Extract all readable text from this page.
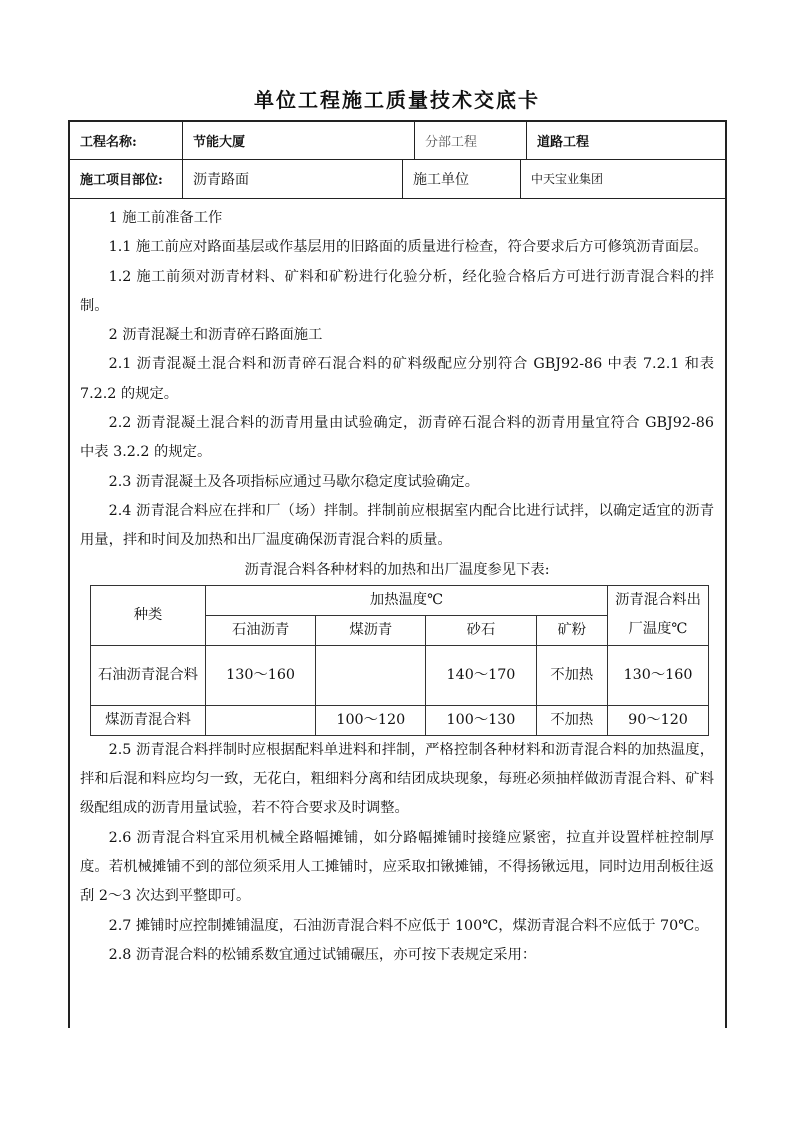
单位工程施工质量技术交底卡
工程名称:	节能大厦	分部工程	道路工程
施工项目部位:	沥青路面	施工单位	中天宝业集团

1 施工前准备工作

1.1 施工前应对路面基层或作基层用的旧路面的质量进行检查，符合要求后方可修筑沥青面层。

1.2 施工前须对沥青材料、矿料和矿粉进行化验分析，经化验合格后方可进行沥青混合料的拌制。

2 沥青混凝土和沥青碎石路面施工

2.1 沥青混凝土混合料和沥青碎石混合料的矿料级配应分别符合 GBJ92-86 中表 7.2.1 和表 7.2.2 的规定。

2.2 沥青混凝土混合料的沥青用量由试验确定，沥青碎石混合料的沥青用量宜符合 GBJ92-86 中表 3.2.2 的规定。

2.3 沥青混凝土及各项指标应通过马歇尔稳定度试验确定。

2.4 沥青混合料应在拌和厂（场）拌制。拌制前应根据室内配合比进行试拌，以确定适宜的沥青用量，拌和时间及加热和出厂温度确保沥青混合料的质量。

沥青混合料各种材料的加热和出厂温度参见下表:

种类	加热温度℃				沥青混合料出厂温度℃
	石油沥青	煤沥青	砂石	矿粉	
石油沥青混合料	130～160		140～170	不加热	130～160
煤沥青混合料		100～120	100～130	不加热	90～120

2.5 沥青混合料拌制时应根据配料单进料和拌制，严格控制各种材料和沥青混合料的加热温度，拌和后混和料应均匀一致，无花白，粗细料分离和结团成块现象，每班必须抽样做沥青混合料、矿料级配组成的沥青用量试验，若不符合要求及时调整。

2.6 沥青混合料宜采用机械全路幅摊铺，如分路幅摊铺时接缝应紧密，拉直并设置样桩控制厚度。若机械摊铺不到的部位须采用人工摊铺时，应采取扣锹摊铺，不得扬锹远甩，同时边用刮板往返刮 2～3 次达到平整即可。

2.7 摊铺时应控制摊铺温度，石油沥青混合料不应低于 100℃，煤沥青混合料不应低于 70℃。

2.8 沥青混合料的松铺系数宜通过试铺碾压，亦可按下表规定采用：
